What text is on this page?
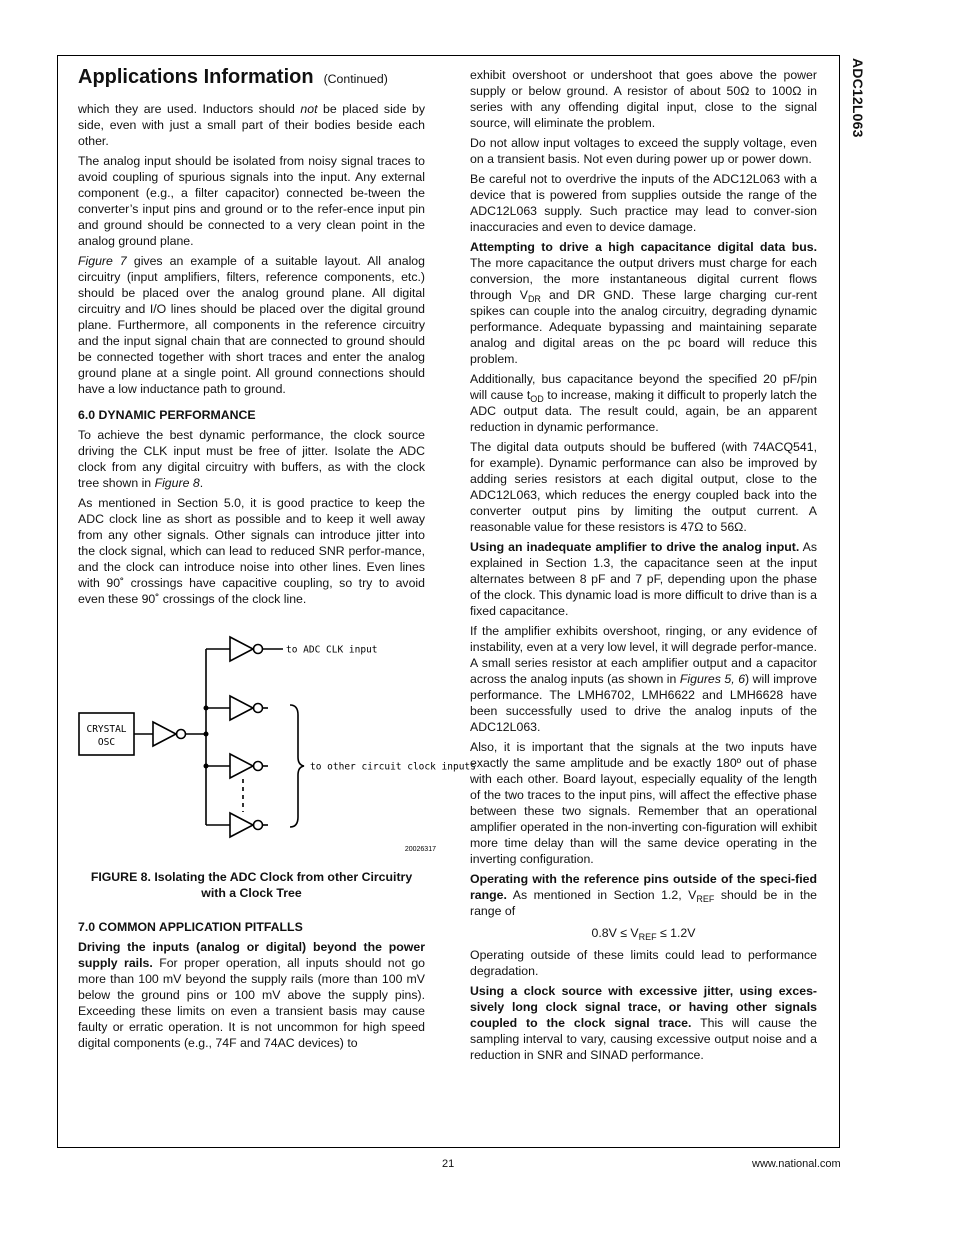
ADC12L063
Applications Information (Continued)

which they are used. Inductors should not be placed side by side, even with just a small part of their bodies beside each other.

The analog input should be isolated from noisy signal traces to avoid coupling of spurious signals into the input. Any external component (e.g., a filter capacitor) connected be-tween the converter’s input pins and ground or to the refer-ence input pin and ground should be connected to a very clean point in the analog ground plane.

Figure 7 gives an example of a suitable layout. All analog circuitry (input amplifiers, filters, reference components, etc.) should be placed over the analog ground plane. All digital circuitry and I/O lines should be placed over the digital ground plane. Furthermore, all components in the reference circuitry and the input signal chain that are connected to ground should be connected together with short traces and enter the analog ground plane at a single point. All ground connections should have a low inductance path to ground.

6.0 DYNAMIC PERFORMANCE

To achieve the best dynamic performance, the clock source driving the CLK input must be free of jitter. Isolate the ADC clock from any digital circuitry with buffers, as with the clock tree shown in Figure 8.

As mentioned in Section 5.0, it is good practice to keep the ADC clock line as short as possible and to keep it well away from any other signals. Other signals can introduce jitter into the clock signal, which can lead to reduced SNR perfor-mance, and the clock can introduce noise into other lines. Even lines with 90˚ crossings have capacitive coupling, so try to avoid even these 90˚ crossings of the clock line.

CRYSTAL
OSC
to ADC CLK input
to other circuit clock inputs
20026317
FIGURE 8. Isolating the ADC Clock from other Circuitry
with a Clock Tree
7.0 COMMON APPLICATION PITFALLS

Driving the inputs (analog or digital) beyond the power supply rails. For proper operation, all inputs should not go more than 100 mV beyond the supply rails (more than 100 mV below the ground pins or 100 mV above the supply pins). Exceeding these limits on even a transient basis may cause faulty or erratic operation. It is not uncommon for high speed digital components (e.g., 74F and 74AC devices) to

exhibit overshoot or undershoot that goes above the power supply or below ground. A resistor of about 50Ω to 100Ω in series with any offending digital input, close to the signal source, will eliminate the problem.

Do not allow input voltages to exceed the supply voltage, even on a transient basis. Not even during power up or power down.

Be careful not to overdrive the inputs of the ADC12L063 with a device that is powered from supplies outside the range of the ADC12L063 supply. Such practice may lead to conver-sion inaccuracies and even to device damage.

Attempting to drive a high capacitance digital data bus. The more capacitance the output drivers must charge for each conversion, the more instantaneous digital current flows through $V_{DR}$ and DR GND. These large charging cur-rent spikes can couple into the analog circuitry, degrading dynamic performance. Adequate bypassing and maintaining separate analog and digital areas on the pc board will reduce this problem.

Additionally, bus capacitance beyond the specified 20 pF/pin will cause $t_{OD}$ to increase, making it difficult to properly latch the ADC output data. The result could, again, be an apparent reduction in dynamic performance.

The digital data outputs should be buffered (with 74ACQ541, for example). Dynamic performance can also be improved by adding series resistors at each digital output, close to the ADC12L063, which reduces the energy coupled back into the converter output pins by limiting the output current. A reasonable value for these resistors is 47Ω to 56Ω.

Using an inadequate amplifier to drive the analog input. As explained in Section 1.3, the capacitance seen at the input alternates between 8 pF and 7 pF, depending upon the phase of the clock. This dynamic load is more difficult to drive than is a fixed capacitance.

If the amplifier exhibits overshoot, ringing, or any evidence of instability, even at a very low level, it will degrade perfor-mance. A small series resistor at each amplifier output and a capacitor across the analog inputs (as shown in Figures 5, 6) will improve performance. The LMH6702, LMH6622 and LMH6628 have been successfully used to drive the analog inputs of the ADC12L063.

Also, it is important that the signals at the two inputs have exactly the same amplitude and be exactly 180º out of phase with each other. Board layout, especially equality of the length of the two traces to the input pins, will affect the effective phase between these two signals. Remember that an operational amplifier operated in the non-inverting con-figuration will exhibit more time delay than will the same device operating in the inverting configuration.

Operating with the reference pins outside of the speci-fied range. As mentioned in Section 1.2, $V_{REF}$ should be in the range of

$0.8V \le V_{REF} \le 1.2V$

Operating outside of these limits could lead to performance degradation.

Using a clock source with excessive jitter, using exces-sively long clock signal trace, or having other signals coupled to the clock signal trace. This will cause the sampling interval to vary, causing excessive output noise and a reduction in SNR and SINAD performance.

21	www.national.com
